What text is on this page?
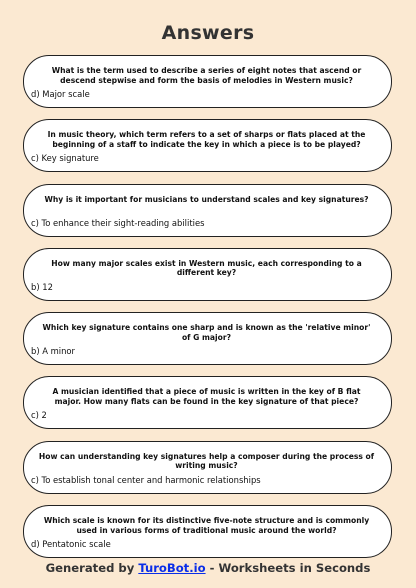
Answers
What is the term used to describe a series of eight notes that ascend or descend stepwise and form the basis of melodies in Western music?
d) Major scale
In music theory, which term refers to a set of sharps or flats placed at the beginning of a staff to indicate the key in which a piece is to be played?
c) Key signature
Why is it important for musicians to understand scales and key signatures?
c) To enhance their sight-reading abilities
How many major scales exist in Western music, each corresponding to a different key?
b) 12
Which key signature contains one sharp and is known as the 'relative minor' of G major?
b) A minor
A musician identified that a piece of music is written in the key of B flat major. How many flats can be found in the key signature of that piece?
c) 2
How can understanding key signatures help a composer during the process of writing music?
c) To establish tonal center and harmonic relationships
Which scale is known for its distinctive five-note structure and is commonly used in various forms of traditional music around the world?
d) Pentatonic scale
Generated by TuroBot.io - Worksheets in Seconds
